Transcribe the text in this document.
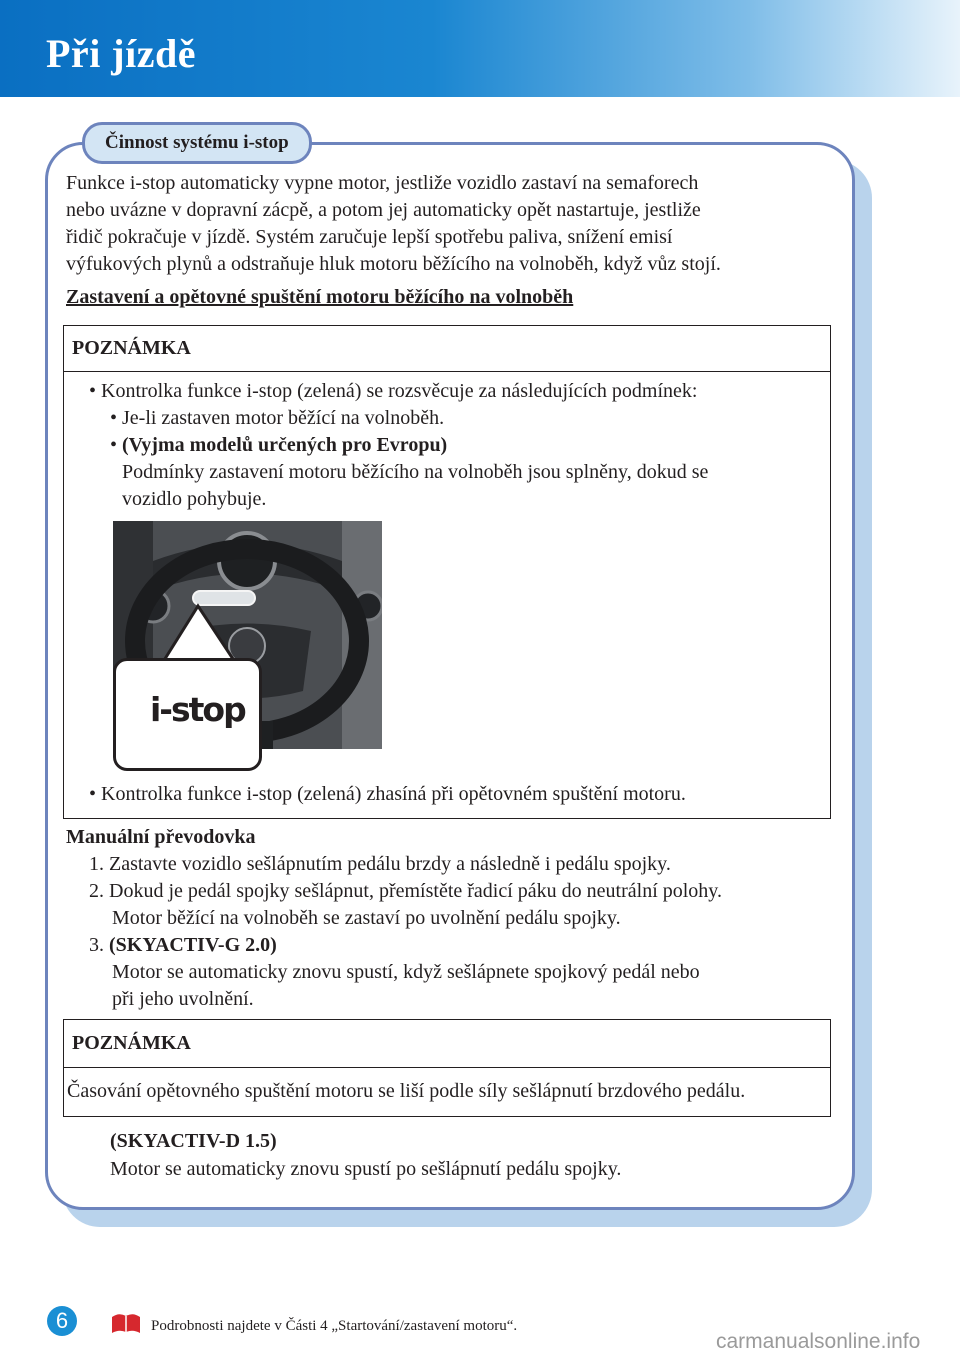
Při jízdě
Činnost systému i-stop
Funkce i-stop automaticky vypne motor, jestliže vozidlo zastaví na semaforech
nebo uvázne v dopravní zácpě, a potom jej automaticky opět nastartuje, jestliže
řidič pokračuje v jízdě. Systém zaručuje lepší spotřebu paliva, snížení emisí
výfukových plynů a odstraňuje hluk motoru běžícího na volnoběh, když vůz stojí.
Zastavení a opětovné spuštění motoru běžícího na volnoběh
POZNÁMKA
• Kontrolka funkce i-stop (zelená) se rozsvěcuje za následujících podmínek:
• Je-li zastaven motor běžící na volnoběh.
• (Vyjma modelů určených pro Evropu)
Podmínky zastavení motoru běžícího na volnoběh jsou splněny, dokud se
vozidlo pohybuje.
i-stop
• Kontrolka funkce i-stop (zelená) zhasíná při opětovném spuštění motoru.
Manuální převodovka
1. Zastavte vozidlo sešlápnutím pedálu brzdy a následně i pedálu spojky.
2. Dokud je pedál spojky sešlápnut, přemístěte řadicí páku do neutrální polohy.
Motor běžící na volnoběh se zastaví po uvolnění pedálu spojky.
3. (SKYACTIV-G 2.0)
Motor se automaticky znovu spustí, když sešlápnete spojkový pedál nebo
při jeho uvolnění.
POZNÁMKA
Časování opětovného spuštění motoru se liší podle síly sešlápnutí brzdového pedálu.
(SKYACTIV-D 1.5)
Motor se automaticky znovu spustí po sešlápnutí pedálu spojky.
6	Podrobnosti najdete v Části 4 „Startování/zastavení motoru“.
carmanualsonline.info
